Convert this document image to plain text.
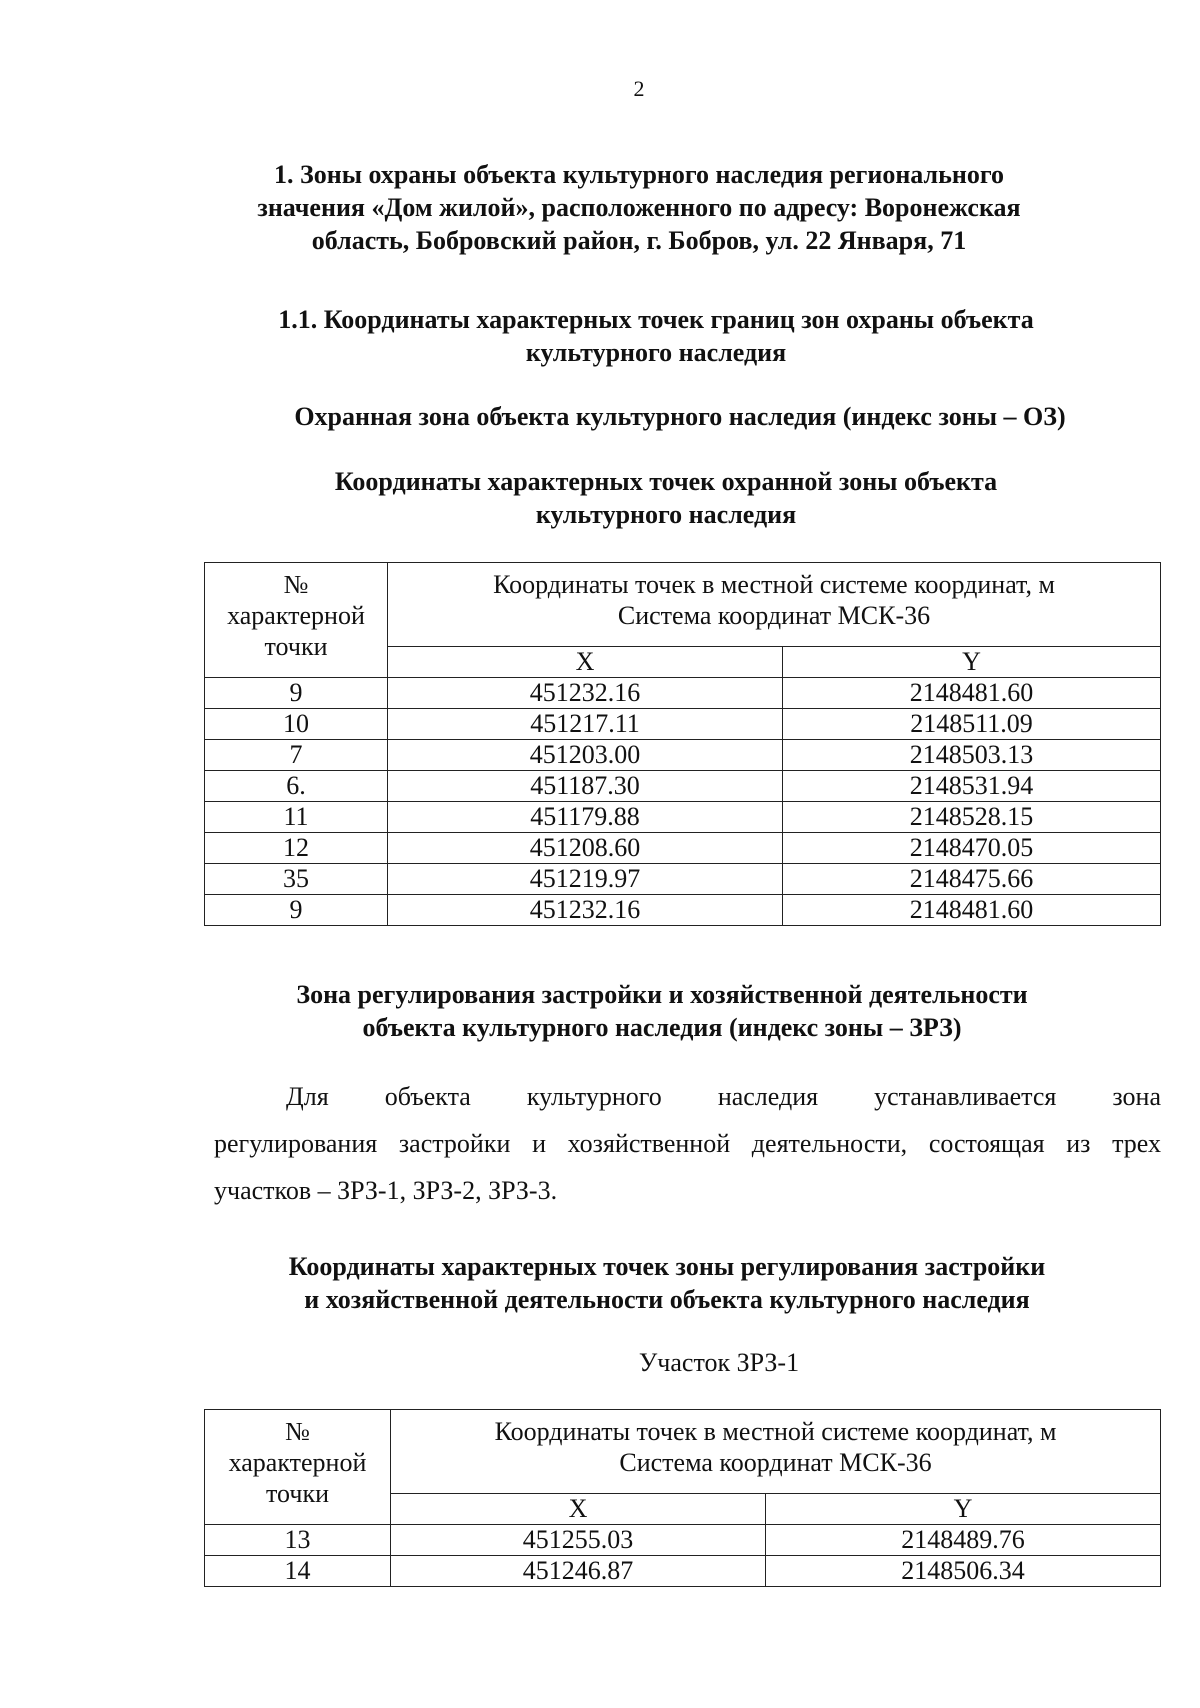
2
1. Зоны охраны объекта культурного наследия регионального
значения «Дом жилой», расположенного по адресу: Воронежская
область, Бобровский район, г. Бобров, ул. 22 Января, 71
1.1. Координаты характерных точек границ зон охраны объекта
культурного наследия
Охранная зона объекта культурного наследия (индекс зоны – ОЗ)
Координаты характерных точек охранной зоны объекта
культурного наследия
№
характерной
точки	Координаты точек в местной системе координат, м
Система координат МСК-36	

	X	Y
9	451232.16	2148481.60
10	451217.11	2148511.09
7	451203.00	2148503.13
6.	451187.30	2148531.94
11	451179.88	2148528.15
12	451208.60	2148470.05
35	451219.97	2148475.66
9	451232.16	2148481.60
Зона регулирования застройки и хозяйственной деятельности
объекта культурного наследия (индекс зоны – ЗРЗ)

Для объекта культурного наследия устанавливается зона
регулирования застройки и хозяйственной деятельности, состоящая из трех
участков – ЗРЗ-1, ЗРЗ-2, ЗРЗ-3.

Координаты характерных точек зоны регулирования застройки
и хозяйственной деятельности объекта культурного наследия
Участок ЗРЗ-1
№
характерной
точки	Координаты точек в местной системе координат, м
Система координат МСК-36	

	X	Y
13	451255.03	2148489.76
14	451246.87	2148506.34
